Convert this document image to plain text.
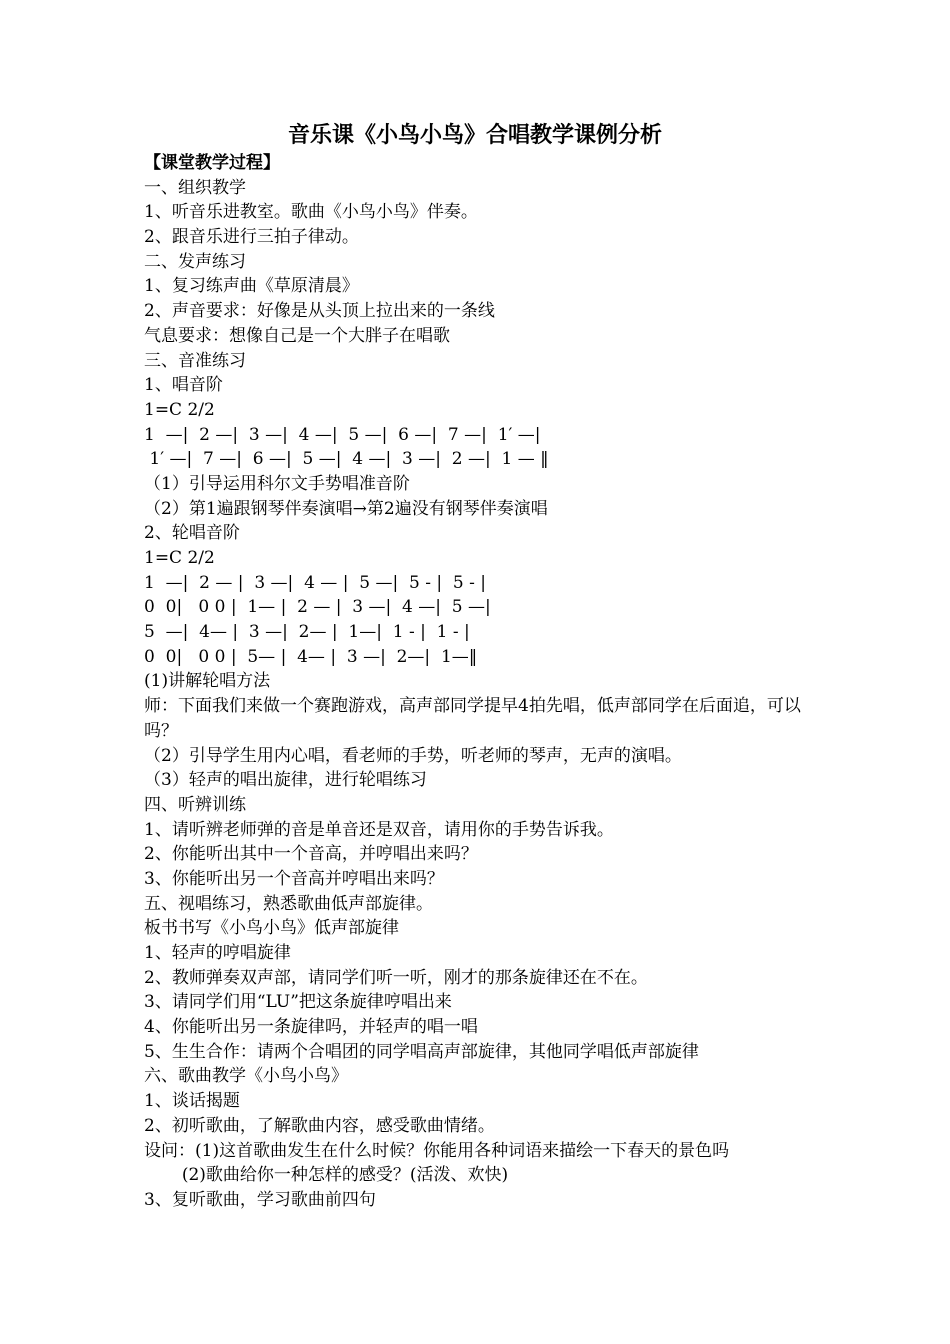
音乐课《小鸟小鸟》合唱教学课例分析
【课堂教学过程】
一、组织教学
1、听音乐进教室。歌曲《小鸟小鸟》伴奏。
2、跟音乐进行三拍子律动。
二、发声练习
1、复习练声曲《草原清晨》
2、声音要求：好像是从头顶上拉出来的一条线
气息要求：想像自己是一个大胖子在唱歌
三、音准练习
1、唱音阶
1=C 2/2
1  —|  2 —|  3 —|  4 —|  5 —|  6 —|  7 —|  1′ —|
1′ —|  7 —|  6 —|  5 —|  4 —|  3 —|  2 —|  1 — ‖
（1）引导运用科尔文手势唱准音阶
（2）第1遍跟钢琴伴奏演唱→第2遍没有钢琴伴奏演唱
2、轮唱音阶
1=C 2/2
1  —|  2 — |  3 —|  4 — |  5 —|  5 - |  5 - |
0  0|   0 0 |  1— |  2 — |  3 —|  4 —|  5 —|
5  —|  4— |  3 —|  2— |  1—|  1 - |  1 - |
0  0|   0 0 |  5— |  4— |  3 —|  2—|  1—‖
(1)讲解轮唱方法
师：下面我们来做一个赛跑游戏，高声部同学提早4拍先唱，低声部同学在后面追，可以吗？
（2）引导学生用内心唱，看老师的手势，听老师的琴声，无声的演唱。
（3）轻声的唱出旋律，进行轮唱练习
四、听辨训练
1、请听辨老师弹的音是单音还是双音，请用你的手势告诉我。
2、你能听出其中一个音高，并哼唱出来吗？
3、你能听出另一个音高并哼唱出来吗？
五、视唱练习，熟悉歌曲低声部旋律。
板书书写《小鸟小鸟》低声部旋律
1、轻声的哼唱旋律
2、教师弹奏双声部，请同学们听一听，刚才的那条旋律还在不在。
3、请同学们用“LU”把这条旋律哼唱出来
4、你能听出另一条旋律吗，并轻声的唱一唱
5、生生合作：请两个合唱团的同学唱高声部旋律，其他同学唱低声部旋律
六、歌曲教学《小鸟小鸟》
1、谈话揭题
2、初听歌曲，了解歌曲内容，感受歌曲情绪。
设问：(1)这首歌曲发生在什么时候？你能用各种词语来描绘一下春天的景色吗
(2)歌曲给你一种怎样的感受？(活泼、欢快)
3、复听歌曲，学习歌曲前四句
